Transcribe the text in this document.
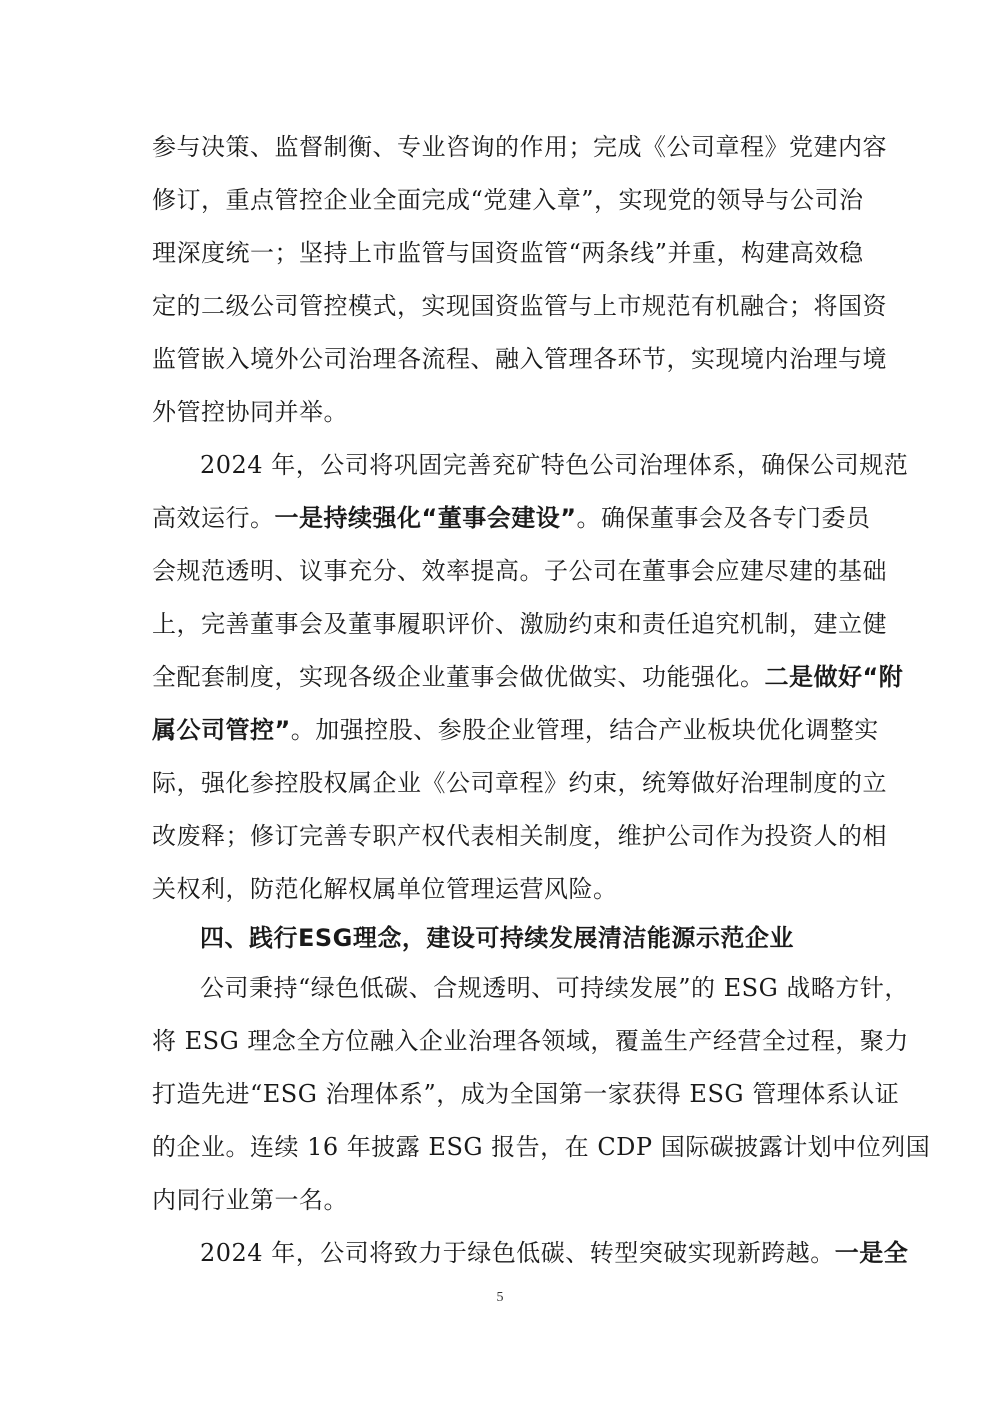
参与决策、监督制衡、专业咨询的作用；完成《公司章程》党建内容
修订，重点管控企业全面完成“党建入章”，实现党的领导与公司治
理深度统一；坚持上市监管与国资监管“两条线”并重，构建高效稳
定的二级公司管控模式，实现国资监管与上市规范有机融合；将国资
监管嵌入境外公司治理各流程、融入管理各环节，实现境内治理与境
外管控协同并举。
2024 年，公司将巩固完善兖矿特色公司治理体系，确保公司规范
高效运行。一是持续强化“董事会建设”。确保董事会及各专门委员
会规范透明、议事充分、效率提高。子公司在董事会应建尽建的基础
上，完善董事会及董事履职评价、激励约束和责任追究机制，建立健
全配套制度，实现各级企业董事会做优做实、功能强化。二是做好“附
属公司管控”。加强控股、参股企业管理，结合产业板块优化调整实
际，强化参控股权属企业《公司章程》约束，统筹做好治理制度的立
改废释；修订完善专职产权代表相关制度，维护公司作为投资人的相
关权利，防范化解权属单位管理运营风险。
四、践行ESG理念，建设可持续发展清洁能源示范企业
公司秉持“绿色低碳、合规透明、可持续发展”的 ESG 战略方针，
将 ESG 理念全方位融入企业治理各领域，覆盖生产经营全过程，聚力
打造先进“ESG 治理体系”，成为全国第一家获得 ESG 管理体系认证
的企业。连续 16 年披露 ESG 报告，在 CDP 国际碳披露计划中位列国
内同行业第一名。
2024 年，公司将致力于绿色低碳、转型突破实现新跨越。一是全
5
